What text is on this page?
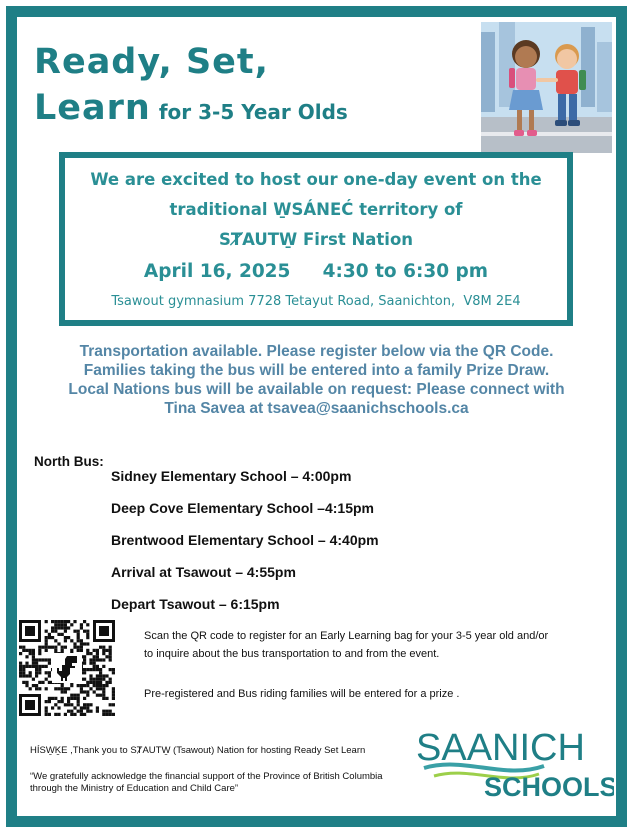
Ready, Set,
Learn for 3-5 Year Olds
We are excited to host our one-day event on the
traditional W̱SÁNEĆ territory of
SȾAUTW̱ First Nation
April 16, 2025     4:30 to 6:30 pm
Tsawout gymnasium 7728 Tetayut Road, Saanichton,  V8M 2E4
Transportation available. Please register below via the QR Code.
Families taking the bus will be entered into a family Prize Draw.
Local Nations bus will be available on request: Please connect with
Tina Savea at tsavea@saanichschools.ca
North Bus:
Sidney Elementary School – 4:00pm
Deep Cove Elementary School –4:15pm
Brentwood Elementary School – 4:40pm
Arrival at Tsawout – 4:55pm
Depart Tsawout – 6:15pm
Scan the QR code to register for an Early Learning bag for your 3-5 year old and/or
to inquire about the bus transportation to and from the event.
Pre-registered and Bus riding families will be entered for a prize .
HÍSW̱ḴE ,Thank you to SȾAUTW̱ (Tsawout) Nation for hosting Ready Set Learn
“We gratefully acknowledge the financial support of the Province of British Columbia
through the Ministry of Education and Child Care”
SAANICH
SCHOOLS
